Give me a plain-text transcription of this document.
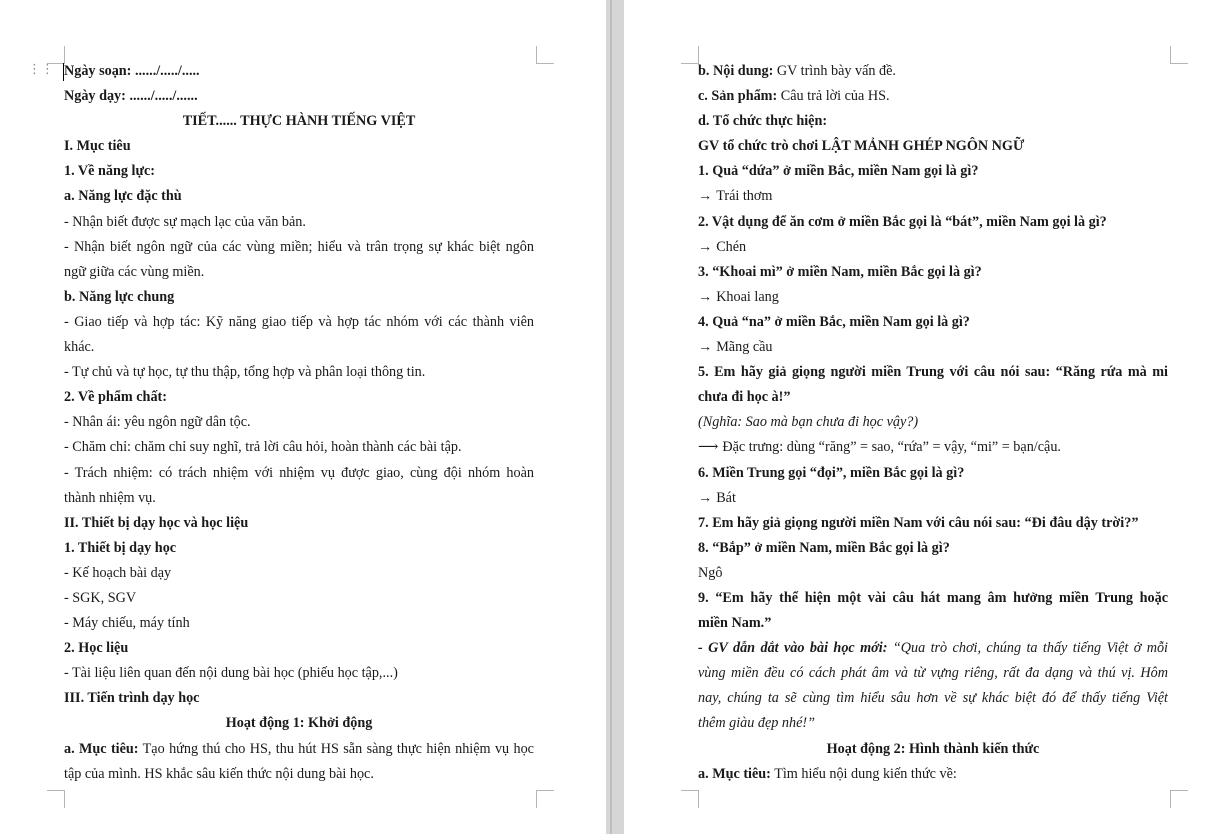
⋮⋮ Ngày soạn: ....../...../.....
Ngày dạy: ....../...../......
TIẾT...... THỰC HÀNH TIẾNG VIỆT
I. Mục tiêu
1. Về năng lực:
a. Năng lực đặc thù
- Nhận biết được sự mạch lạc của văn bản.
- Nhận biết ngôn ngữ của các vùng miền; hiểu và trân trọng sự khác biệt ngôn
ngữ giữa các vùng miền.
b. Năng lực chung
- Giao tiếp và hợp tác: Kỹ năng giao tiếp và hợp tác nhóm với các thành viên
khác.
- Tự chủ và tự học, tự thu thập, tổng hợp và phân loại thông tin.
2. Về phẩm chất:
- Nhân ái: yêu ngôn ngữ dân tộc.
- Chăm chỉ: chăm chỉ suy nghĩ, trả lời câu hỏi, hoàn thành các bài tập.
- Trách nhiệm: có trách nhiệm với nhiệm vụ được giao, cùng đội nhóm hoàn
thành nhiệm vụ.
II. Thiết bị dạy học và học liệu
1. Thiết bị dạy học
- Kế hoạch bài dạy
- SGK, SGV
- Máy chiếu, máy tính
2. Học liệu
- Tài liệu liên quan đến nội dung bài học (phiếu học tập,...)
III. Tiến trình dạy học
Hoạt động 1: Khởi động
a. Mục tiêu: Tạo hứng thú cho HS, thu hút HS sẵn sàng thực hiện nhiệm vụ học
tập của mình. HS khắc sâu kiến thức nội dung bài học.
b. Nội dung: GV trình bày vấn đề.
c. Sản phẩm: Câu trả lời của HS.
d. Tổ chức thực hiện:
GV tổ chức trò chơi LẬT MẢNH GHÉP NGÔN NGỮ
1. Quả “dứa” ở miền Bắc, miền Nam gọi là gì?
→ Trái thơm
2. Vật dụng để ăn cơm ở miền Bắc gọi là “bát”, miền Nam gọi là gì?
→ Chén
3. “Khoai mì” ở miền Nam, miền Bắc gọi là gì?
→ Khoai lang
4. Quả “na” ở miền Bắc, miền Nam gọi là gì?
→ Mãng cầu
5. Em hãy giả giọng người miền Trung với câu nói sau: “Răng rứa mà mi
chưa đi học à!”
(Nghĩa: Sao mà bạn chưa đi học vậy?)
⟶ Đặc trưng: dùng “răng” = sao, “rứa” = vậy, “mi” = bạn/cậu.
6. Miền Trung gọi “đọi”, miền Bắc gọi là gì?
→ Bát
7. Em hãy giả giọng người miền Nam với câu nói sau: “Đi đâu dậy trời?”
8. “Bắp” ở miền Nam, miền Bắc gọi là gì?
Ngô
9. “Em hãy thể hiện một vài câu hát mang âm hưởng miền Trung hoặc
miền Nam.”
- GV dẫn dắt vào bài học mới: “Qua trò chơi, chúng ta thấy tiếng Việt ở mỗi
vùng miền đều có cách phát âm và từ vựng riêng, rất đa dạng và thú vị. Hôm
nay, chúng ta sẽ cùng tìm hiểu sâu hơn về sự khác biệt đó để thấy tiếng Việt
thêm giàu đẹp nhé!”
Hoạt động 2: Hình thành kiến thức
a. Mục tiêu: Tìm hiểu nội dung kiến thức về:
